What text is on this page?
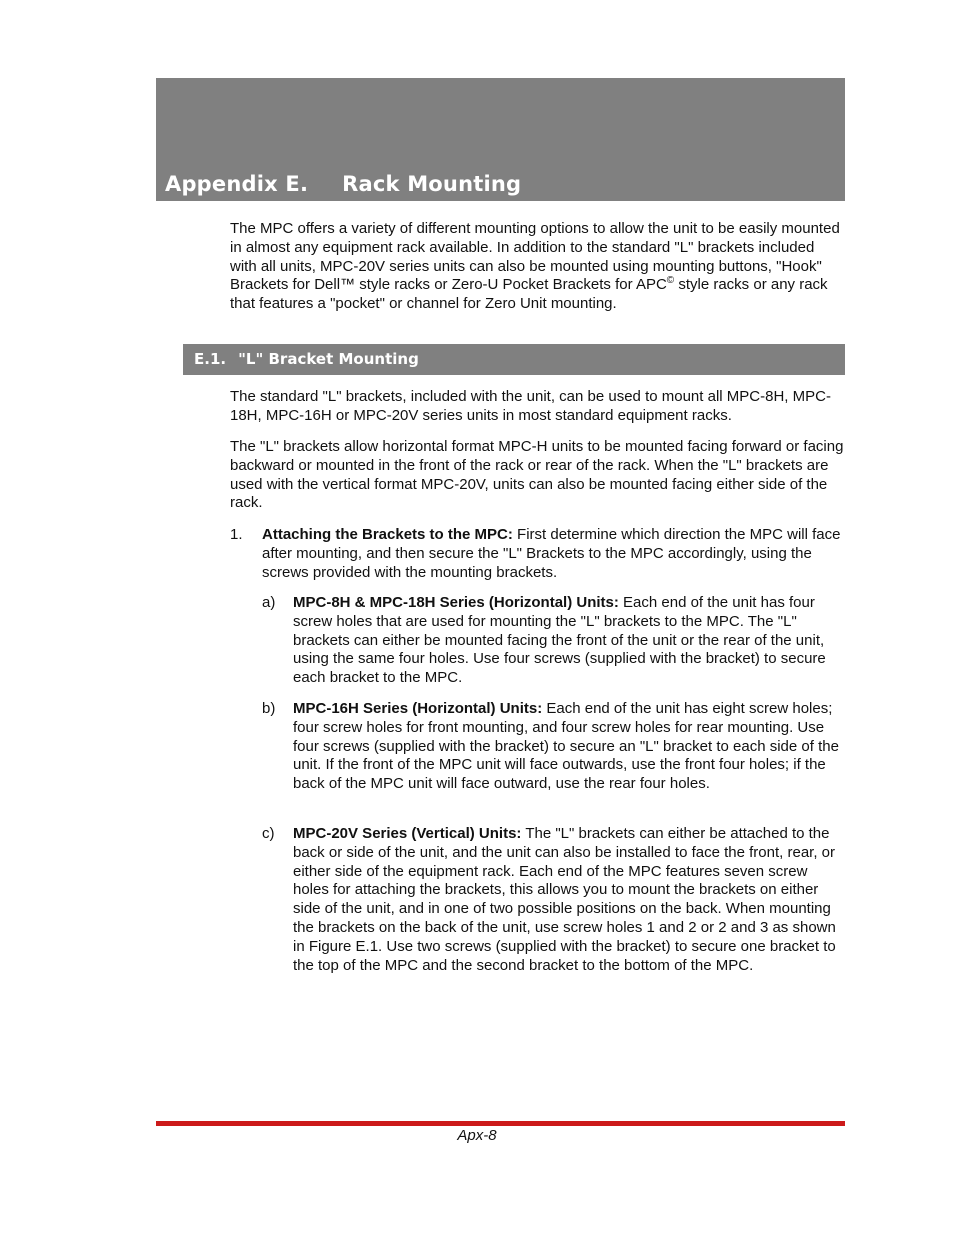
Appendix E. Rack Mounting

The MPC offers a variety of different mounting options to allow the unit to be easily mounted in almost any equipment rack available. In addition to the standard "L" brackets included with all units, MPC-20V series units can also be mounted using mounting buttons, "Hook" Brackets for Dell™ style racks or Zero-U Pocket Brackets for APC© style racks or any rack that features a "pocket" or channel for Zero Unit mounting.

E.1. "L" Bracket Mounting

The standard "L" brackets, included with the unit, can be used to mount all MPC-8H, MPC-18H, MPC-16H or MPC-20V series units in most standard equipment racks.

The "L" brackets allow horizontal format MPC-H units to be mounted facing forward or facing backward or mounted in the front of the rack or rear of the rack. When the "L" brackets are used with the vertical format MPC-20V, units can also be mounted facing either side of the rack.

1. Attaching the Brackets to the MPC: First determine which direction the MPC will face after mounting, and then secure the "L" Brackets to the MPC accordingly, using the screws provided with the mounting brackets.
a) MPC-8H & MPC-18H Series (Horizontal) Units: Each end of the unit has four screw holes that are used for mounting the "L" brackets to the MPC. The "L" brackets can either be mounted facing the front of the unit or the rear of the unit, using the same four holes. Use four screws (supplied with the bracket) to secure each bracket to the MPC.
b) MPC-16H Series (Horizontal) Units: Each end of the unit has eight screw holes; four screw holes for front mounting, and four screw holes for rear mounting. Use four screws (supplied with the bracket) to secure an "L" bracket to each side of the unit. If the front of the MPC unit will face outwards, use the front four holes; if the back of the MPC unit will face outward, use the rear four holes.
c) MPC-20V Series (Vertical) Units: The "L" brackets can either be attached to the back or side of the unit, and the unit can also be installed to face the front, rear, or either side of the equipment rack. Each end of the MPC features seven screw holes for attaching the brackets, this allows you to mount the brackets on either side of the unit, and in one of two possible positions on the back. When mounting the brackets on the back of the unit, use screw holes 1 and 2 or 2 and 3 as shown in Figure E.1. Use two screws (supplied with the bracket) to secure one bracket to the top of the MPC and the second bracket to the bottom of the MPC.
Apx-8
